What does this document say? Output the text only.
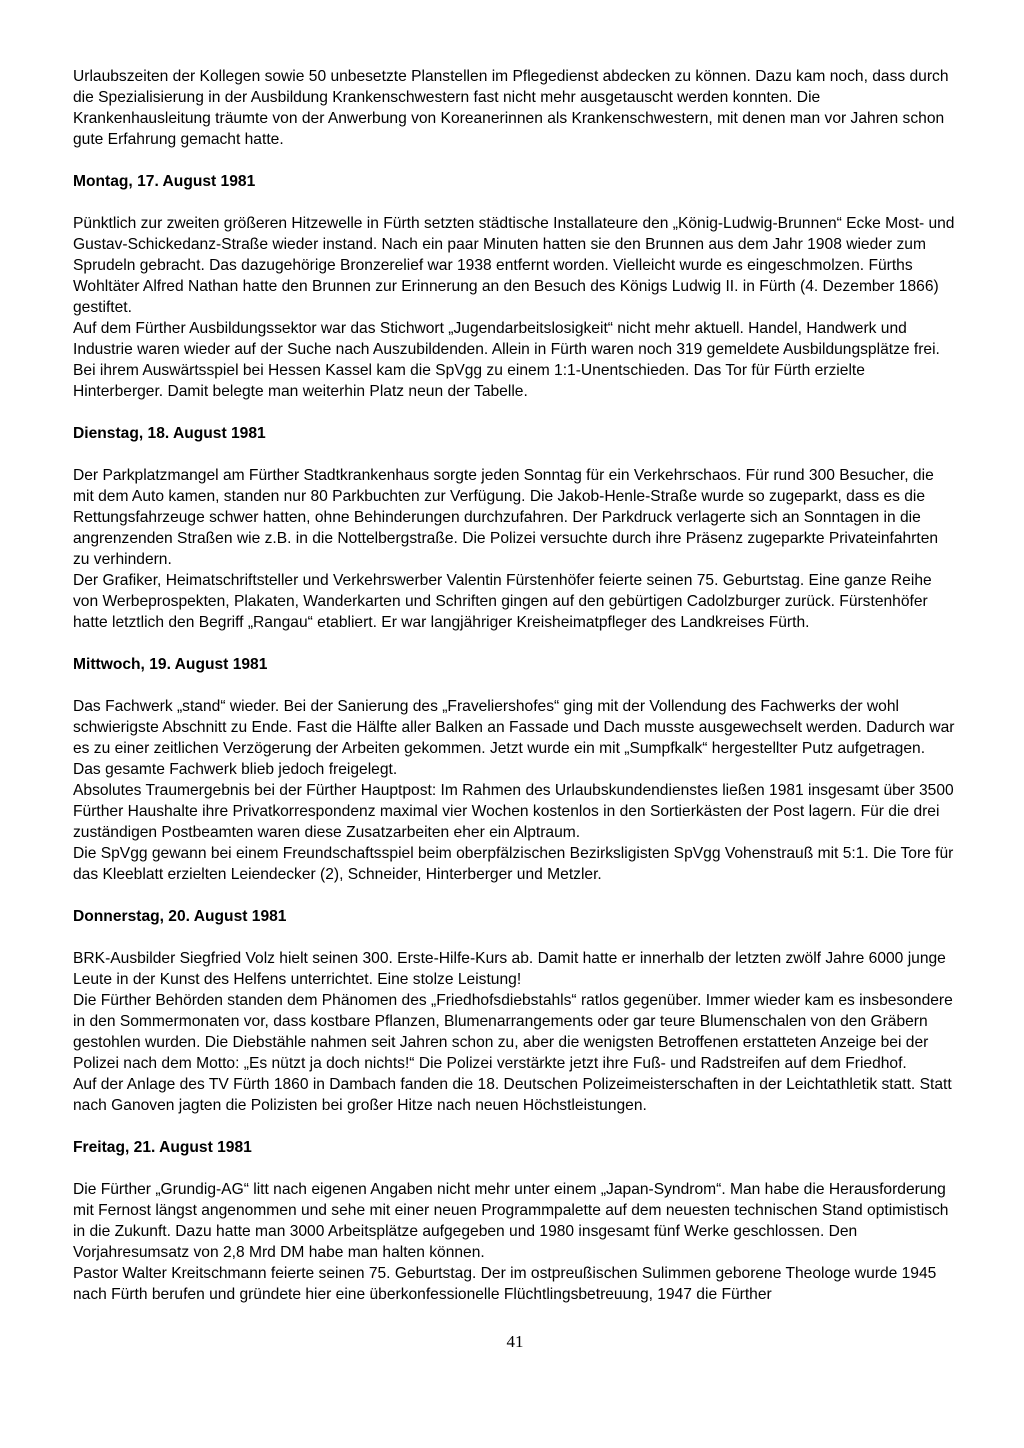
Urlaubszeiten der Kollegen sowie 50 unbesetzte Planstellen im Pflegedienst abdecken zu können. Dazu kam noch, dass durch die Spezialisierung in der Ausbildung Krankenschwestern fast nicht mehr ausgetauscht werden konnten. Die Krankenhausleitung träumte von der Anwerbung von Koreanerinnen als Krankenschwestern, mit denen man vor Jahren schon gute Erfahrung gemacht hatte.

Montag, 17. August 1981

Pünktlich zur zweiten größeren Hitzewelle in Fürth setzten städtische Installateure den „König-Ludwig-Brunnen“ Ecke Most- und Gustav-Schickedanz-Straße wieder instand. Nach ein paar Minuten hatten sie den Brunnen aus dem Jahr 1908 wieder zum Sprudeln gebracht. Das dazugehörige Bronzerelief war 1938 entfernt worden. Vielleicht wurde es eingeschmolzen. Fürths Wohltäter Alfred Nathan hatte den Brunnen zur Erinnerung an den Besuch des Königs Ludwig II. in Fürth (4. Dezember 1866) gestiftet.

Auf dem Fürther Ausbildungssektor war das Stichwort „Jugendarbeitslosigkeit“ nicht mehr aktuell. Handel, Handwerk und Industrie waren wieder auf der Suche nach Auszubildenden. Allein in Fürth waren noch 319 gemeldete Ausbildungsplätze frei.

Bei ihrem Auswärtsspiel bei Hessen Kassel kam die SpVgg zu einem 1:1-Unentschieden. Das Tor für Fürth erzielte Hinterberger. Damit belegte man weiterhin Platz neun der Tabelle.

Dienstag, 18. August 1981

Der Parkplatzmangel am Fürther Stadtkrankenhaus sorgte jeden Sonntag für ein Verkehrschaos. Für rund 300 Besucher, die mit dem Auto kamen, standen nur 80 Parkbuchten zur Verfügung. Die Jakob-Henle-Straße wurde so zugeparkt, dass es die Rettungsfahrzeuge schwer hatten, ohne Behinderungen durchzufahren. Der Parkdruck verlagerte sich an Sonntagen in die angrenzenden Straßen wie z.B. in die Nottelbergstraße. Die Polizei versuchte durch ihre Präsenz zugeparkte Privateinfahrten zu verhindern.

Der Grafiker, Heimatschriftsteller und Verkehrswerber Valentin Fürstenhöfer feierte seinen 75. Geburtstag. Eine ganze Reihe von Werbeprospekten, Plakaten, Wanderkarten und Schriften gingen auf den gebürtigen Cadolzburger zurück. Fürstenhöfer hatte letztlich den Begriff „Rangau“ etabliert. Er war langjähriger Kreisheimatpfleger des Landkreises Fürth.

Mittwoch, 19. August 1981

Das Fachwerk „stand“ wieder. Bei der Sanierung des „Fraveliershofes“ ging mit der Vollendung des Fachwerks der wohl schwierigste Abschnitt zu Ende. Fast die Hälfte aller Balken an Fassade und Dach musste ausgewechselt werden. Dadurch war es zu einer zeitlichen Verzögerung der Arbeiten gekommen. Jetzt wurde ein mit „Sumpfkalk“ hergestellter Putz aufgetragen. Das gesamte Fachwerk blieb jedoch freigelegt.

Absolutes Traumergebnis bei der Fürther Hauptpost: Im Rahmen des Urlaubskundendienstes ließen 1981 insgesamt über 3500 Fürther Haushalte ihre Privatkorrespondenz maximal vier Wochen kostenlos in den Sortierkästen der Post lagern. Für die drei zuständigen Postbeamten waren diese Zusatzarbeiten eher ein Alptraum.

Die SpVgg gewann bei einem Freundschaftsspiel beim oberpfälzischen Bezirksligisten SpVgg Vohenstrauß mit 5:1. Die Tore für das Kleeblatt erzielten Leiendecker (2), Schneider, Hinterberger und Metzler.

Donnerstag, 20. August 1981

BRK-Ausbilder Siegfried Volz hielt seinen 300. Erste-Hilfe-Kurs ab. Damit hatte er innerhalb der letzten zwölf Jahre 6000 junge Leute in der Kunst des Helfens unterrichtet. Eine stolze Leistung!

Die Fürther Behörden standen dem Phänomen des „Friedhofsdiebstahls“ ratlos gegenüber. Immer wieder kam es insbesondere in den Sommermonaten vor, dass kostbare Pflanzen, Blumenarrangements oder gar teure Blumenschalen von den Gräbern gestohlen wurden. Die Diebstähle nahmen seit Jahren schon zu, aber die wenigsten Betroffenen erstatteten Anzeige bei der Polizei nach dem Motto: „Es nützt ja doch nichts!“ Die Polizei verstärkte jetzt ihre Fuß- und Radstreifen auf dem Friedhof.

Auf der Anlage des TV Fürth 1860 in Dambach fanden die 18. Deutschen Polizeimeisterschaften in der Leichtathletik statt. Statt nach Ganoven jagten die Polizisten bei großer Hitze nach neuen Höchstleistungen.

Freitag, 21. August 1981

Die Fürther „Grundig-AG“ litt nach eigenen Angaben nicht mehr unter einem „Japan-Syndrom“. Man habe die Herausforderung mit Fernost längst angenommen und sehe mit einer neuen Programmpalette auf dem neuesten technischen Stand optimistisch in die Zukunft. Dazu hatte man 3000 Arbeitsplätze aufgegeben und 1980 insgesamt fünf Werke geschlossen. Den Vorjahresumsatz von 2,8 Mrd DM habe man halten können.

Pastor Walter Kreitschmann feierte seinen 75. Geburtstag. Der im ostpreußischen Sulimmen geborene Theologe wurde 1945 nach Fürth berufen und gründete hier eine überkonfessionelle Flüchtlingsbetreuung, 1947 die Fürther

41
